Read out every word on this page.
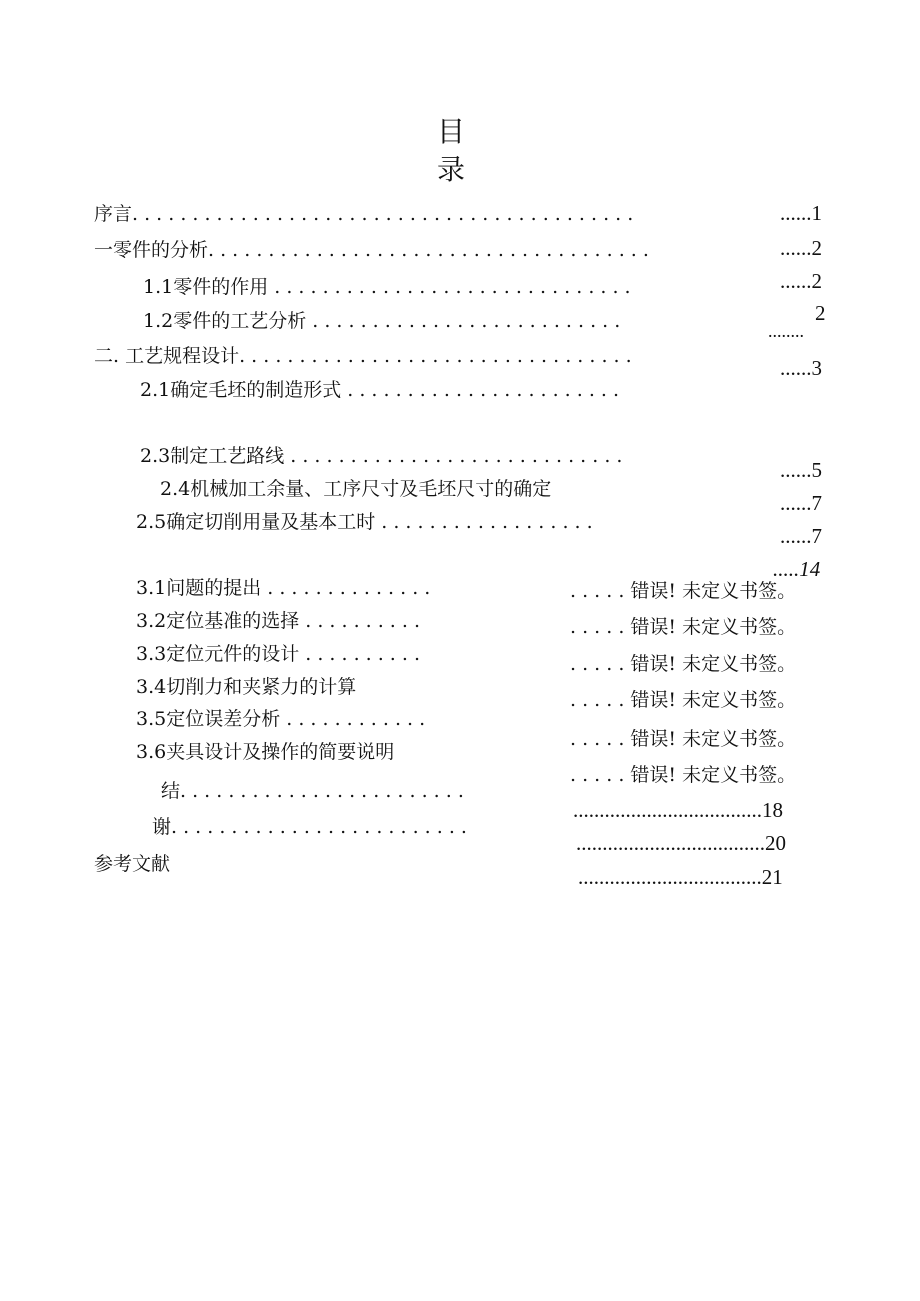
目
录
序言. . . . . . . . . . . . . . . . . . . . . . . . . . . . . . . . . . . . . . . . . .
一零件的分析. . . . . . . . . . . . . . . . . . . . . . . . . . . . . . . . . . . . .
1.1零件的作用 . . . . . . . . . . . . . . . . . . . . . . . . . . . . . .
1.2零件的工艺分析 . . . . . . . . . . . . . . . . . . . . . . . . . .
二. 工艺规程设计. . . . . . . . . . . . . . . . . . . . . . . . . . . . . . . . .
2.1确定毛坯的制造形式 . . . . . . . . . . . . . . . . . . . . . . .
2.3制定工艺路线 . . . . . . . . . . . . . . . . . . . . . . . . . . . .
2.4机械加工余量、工序尺寸及毛坯尺寸的确定
2.5确定切削用量及基本工时 . . . . . . . . . . . . . . . . . .
3.1问题的提出 . . . . . . . . . . . . . .
3.2定位基准的选择 . . . . . . . . . .
3.3定位元件的设计 . . . . . . . . . .
3.4切削力和夹紧力的计算
3.5定位误差分析 . . . . . . . . . . . .
3.6夹具设计及操作的简要说明
结. . . . . . . . . . . . . . . . . . . . . . . .
谢. . . . . . . . . . . . . . . . . . . . . . . . .
参考文献
......1
......2
......2
2
........
......3
......5
......7
......7
.....14
. . . . . 错误! 未定义书签。
. . . . . 错误! 未定义书签。
. . . . . 错误! 未定义书签。
. . . . . 错误! 未定义书签。
. . . . . 错误! 未定义书签。
. . . . . 错误! 未定义书签。
....................................18
....................................20
...................................21
